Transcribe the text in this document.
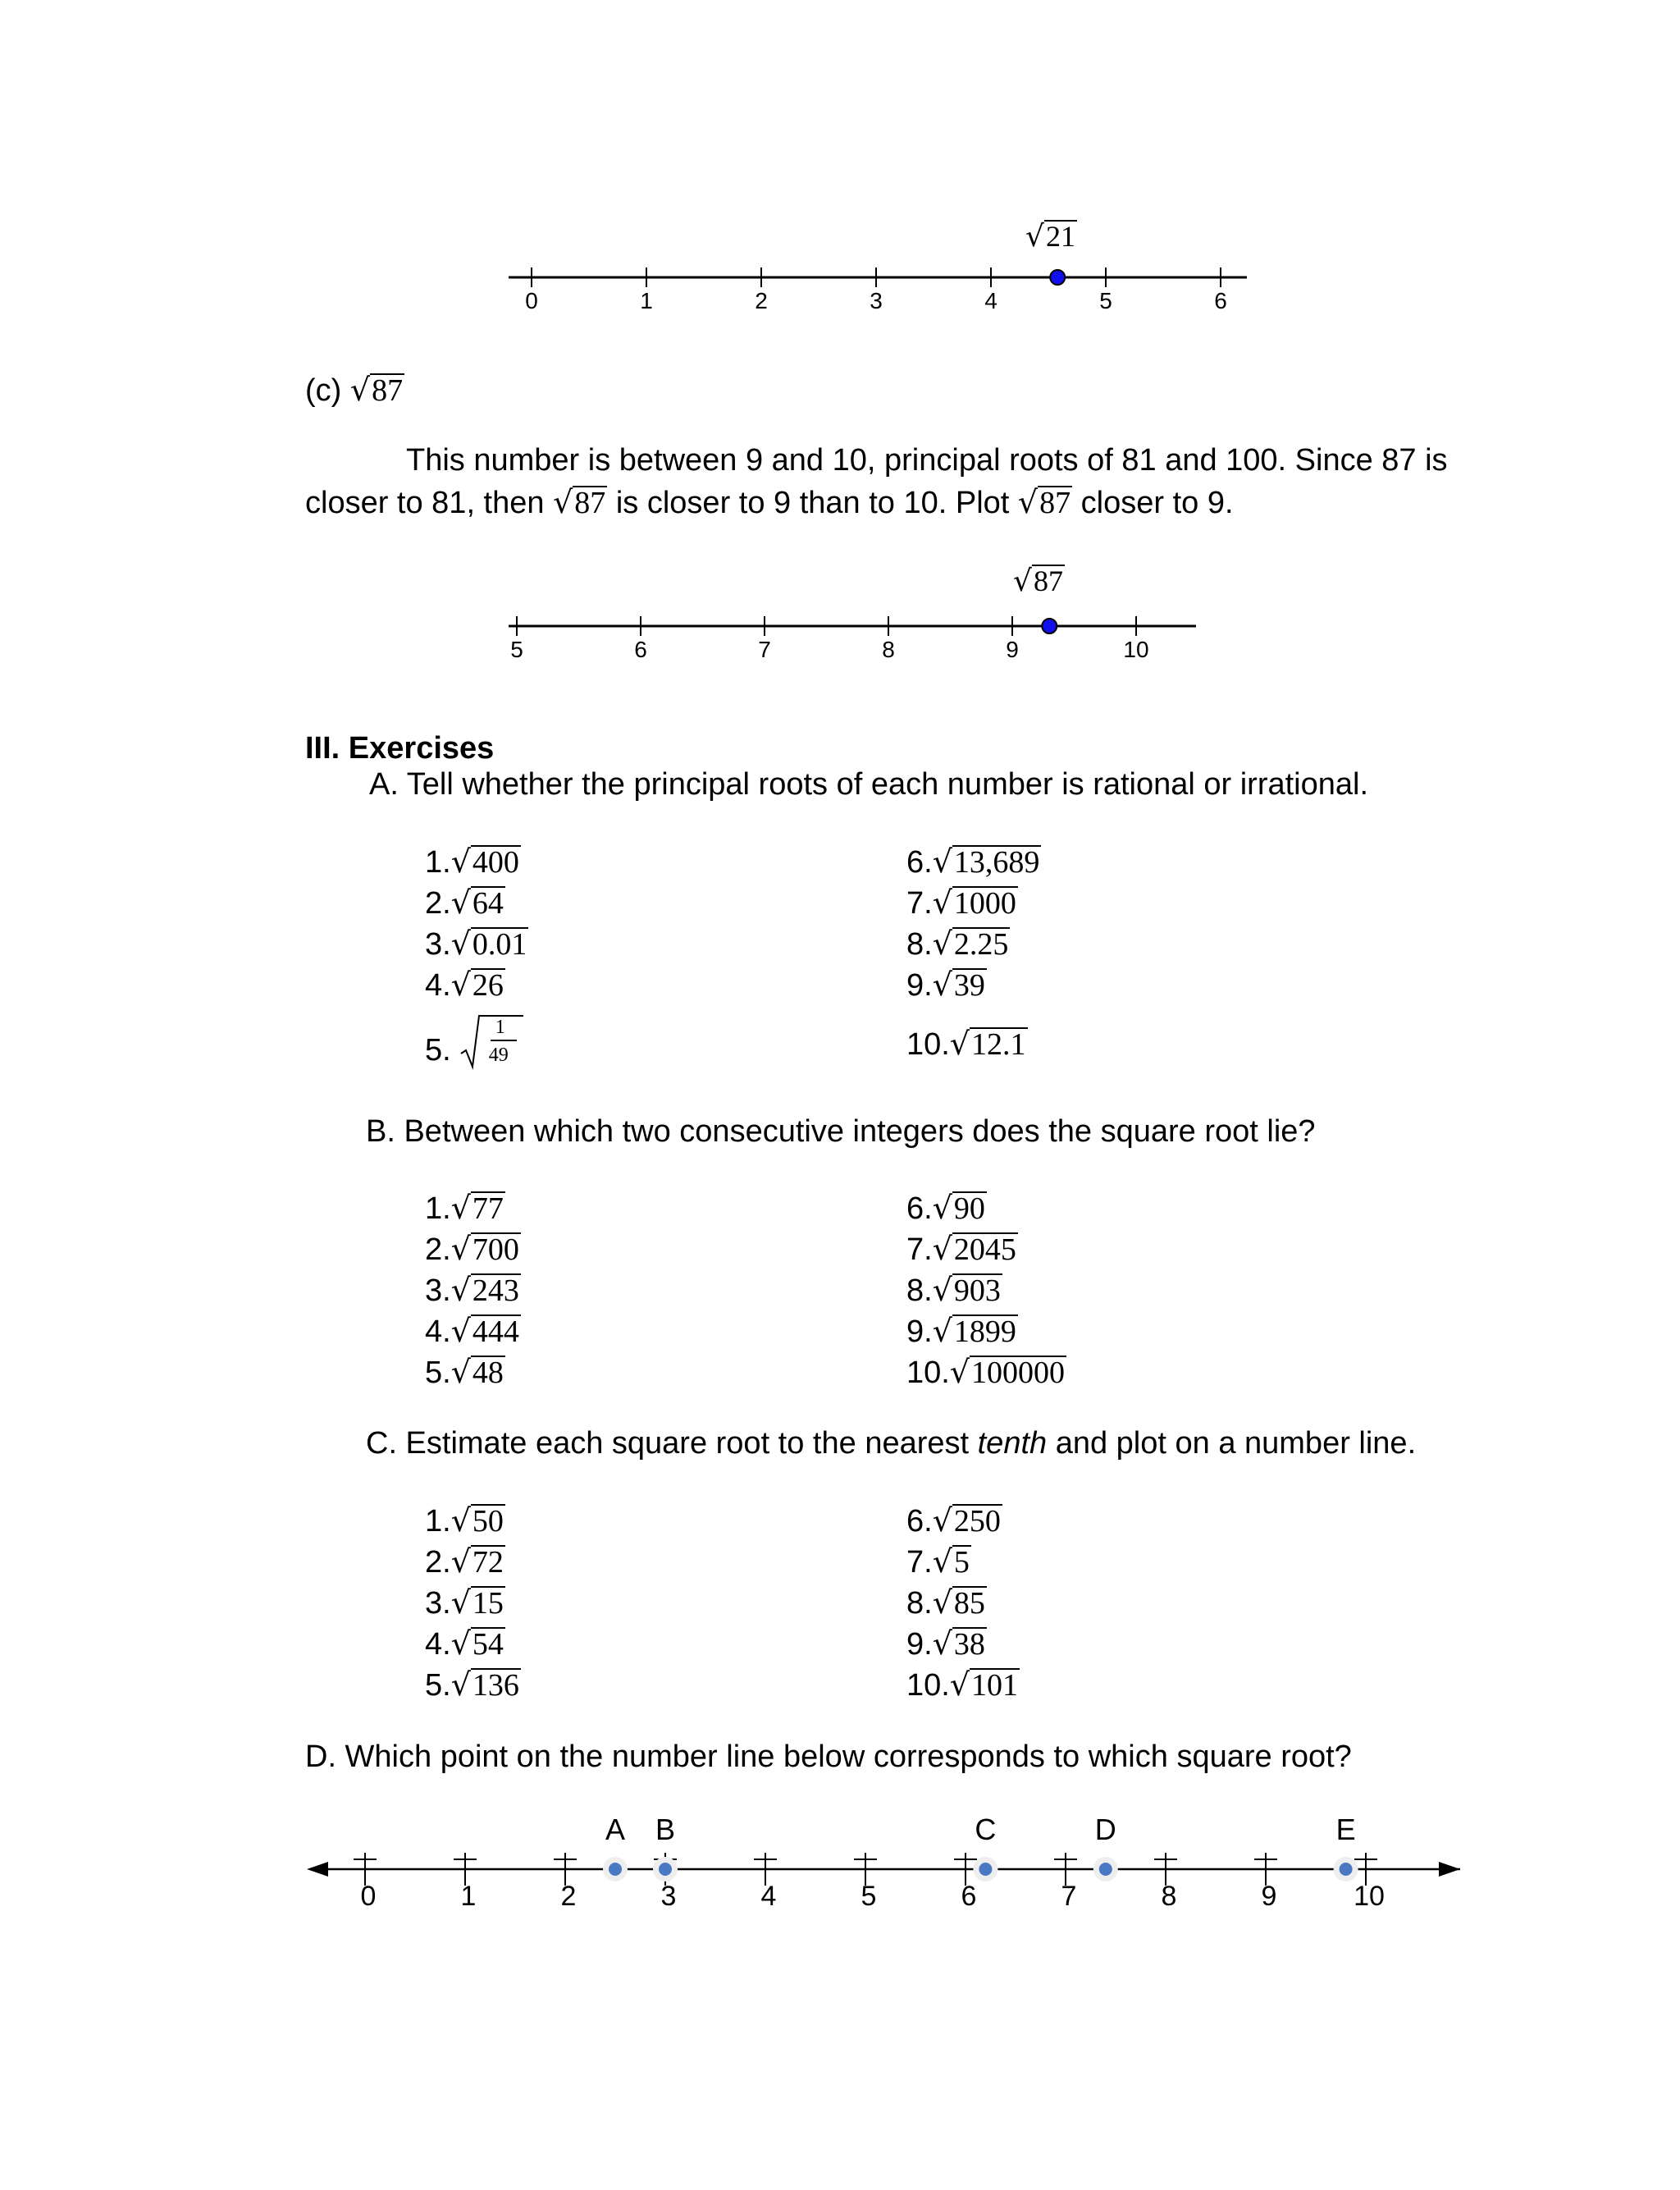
√21
0	1	2	3	4	5	6
(c) √87
This number is between 9 and 10, principal roots of 81 and 100. Since 87 is
closer to 81, then √87 is closer to 9 than to 10. Plot √87 closer to 9.
√87
5	6	7	8	9	10
III. Exercises
A. Tell whether the principal roots of each number is rational or irrational.
1.√400
2.√64
3.√0.01
4.√26
5.
1
49
6.√13,689
7.√1000
8.√2.25
9.√39
10.√12.1
B. Between which two consecutive integers does the square root lie?
1.√77
2.√700
3.√243
4.√444
5.√48
6.√90
7.√2045
8.√903
9.√1899
10.√100000
C. Estimate each square root to the nearest tenth and plot on a number line.
1.√50
2.√72
3.√15
4.√54
5.√136
6.√250
7.√5
8.√85
9.√38
10.√101
D. Which point on the number line below corresponds to which square root?
0	1	2	3	4	5	6	7	8	9	10
A B	C	D	E
